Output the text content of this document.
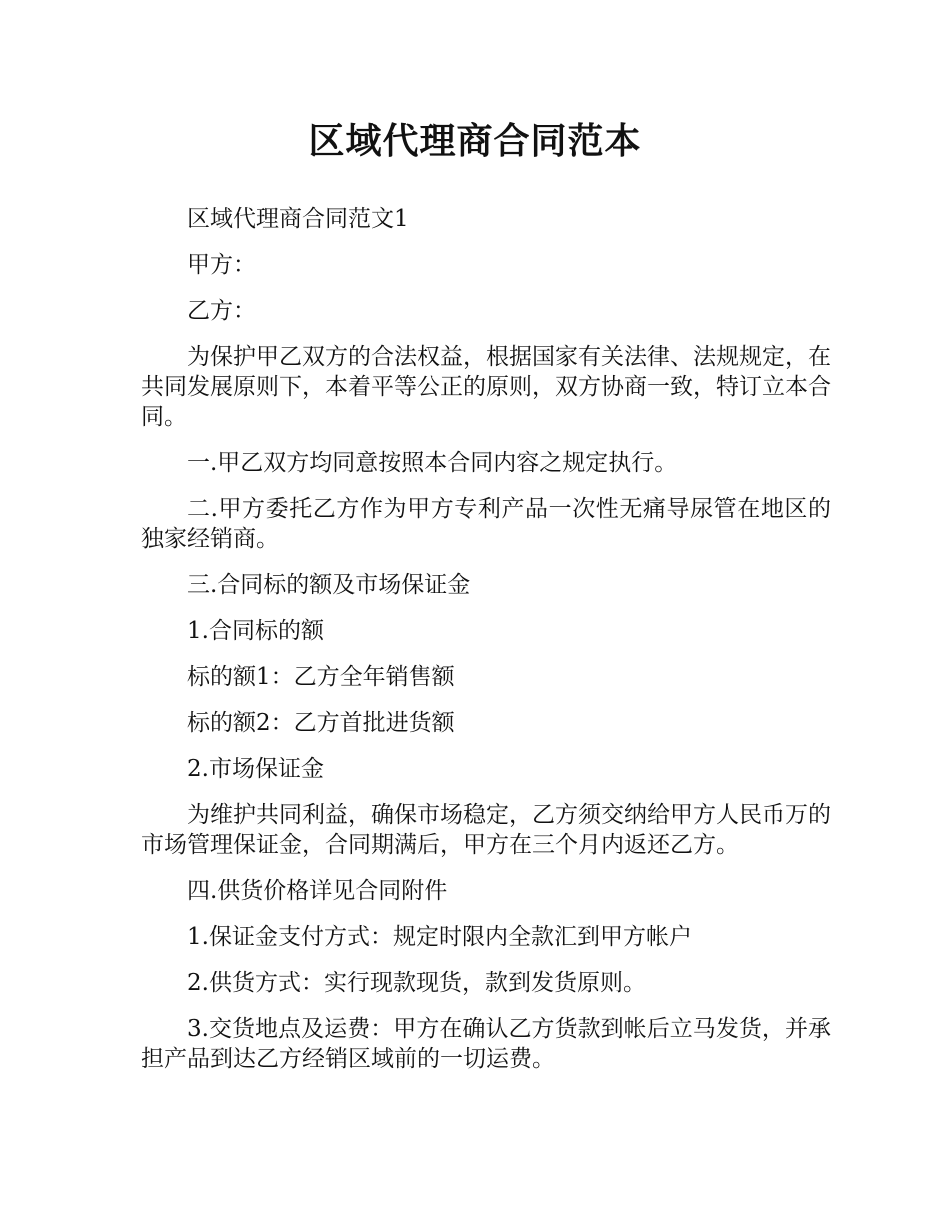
区域代理商合同范本

区域代理商合同范文1

甲方：

乙方：

为保护甲乙双方的合法权益，根据国家有关法律、法规规定，在共同发展原则下，本着平等公正的原则，双方协商一致，特订立本合同。

一.甲乙双方均同意按照本合同内容之规定执行。

二.甲方委托乙方作为甲方专利产品一次性无痛导尿管在地区的独家经销商。

三.合同标的额及市场保证金

1.合同标的额

标的额1：乙方全年销售额

标的额2：乙方首批进货额

2.市场保证金

为维护共同利益，确保市场稳定，乙方须交纳给甲方人民币万的市场管理保证金，合同期满后，甲方在三个月内返还乙方。

四.供货价格详见合同附件

1.保证金支付方式：规定时限内全款汇到甲方帐户

2.供货方式：实行现款现货，款到发货原则。

3.交货地点及运费：甲方在确认乙方货款到帐后立马发货，并承担产品到达乙方经销区域前的一切运费。
